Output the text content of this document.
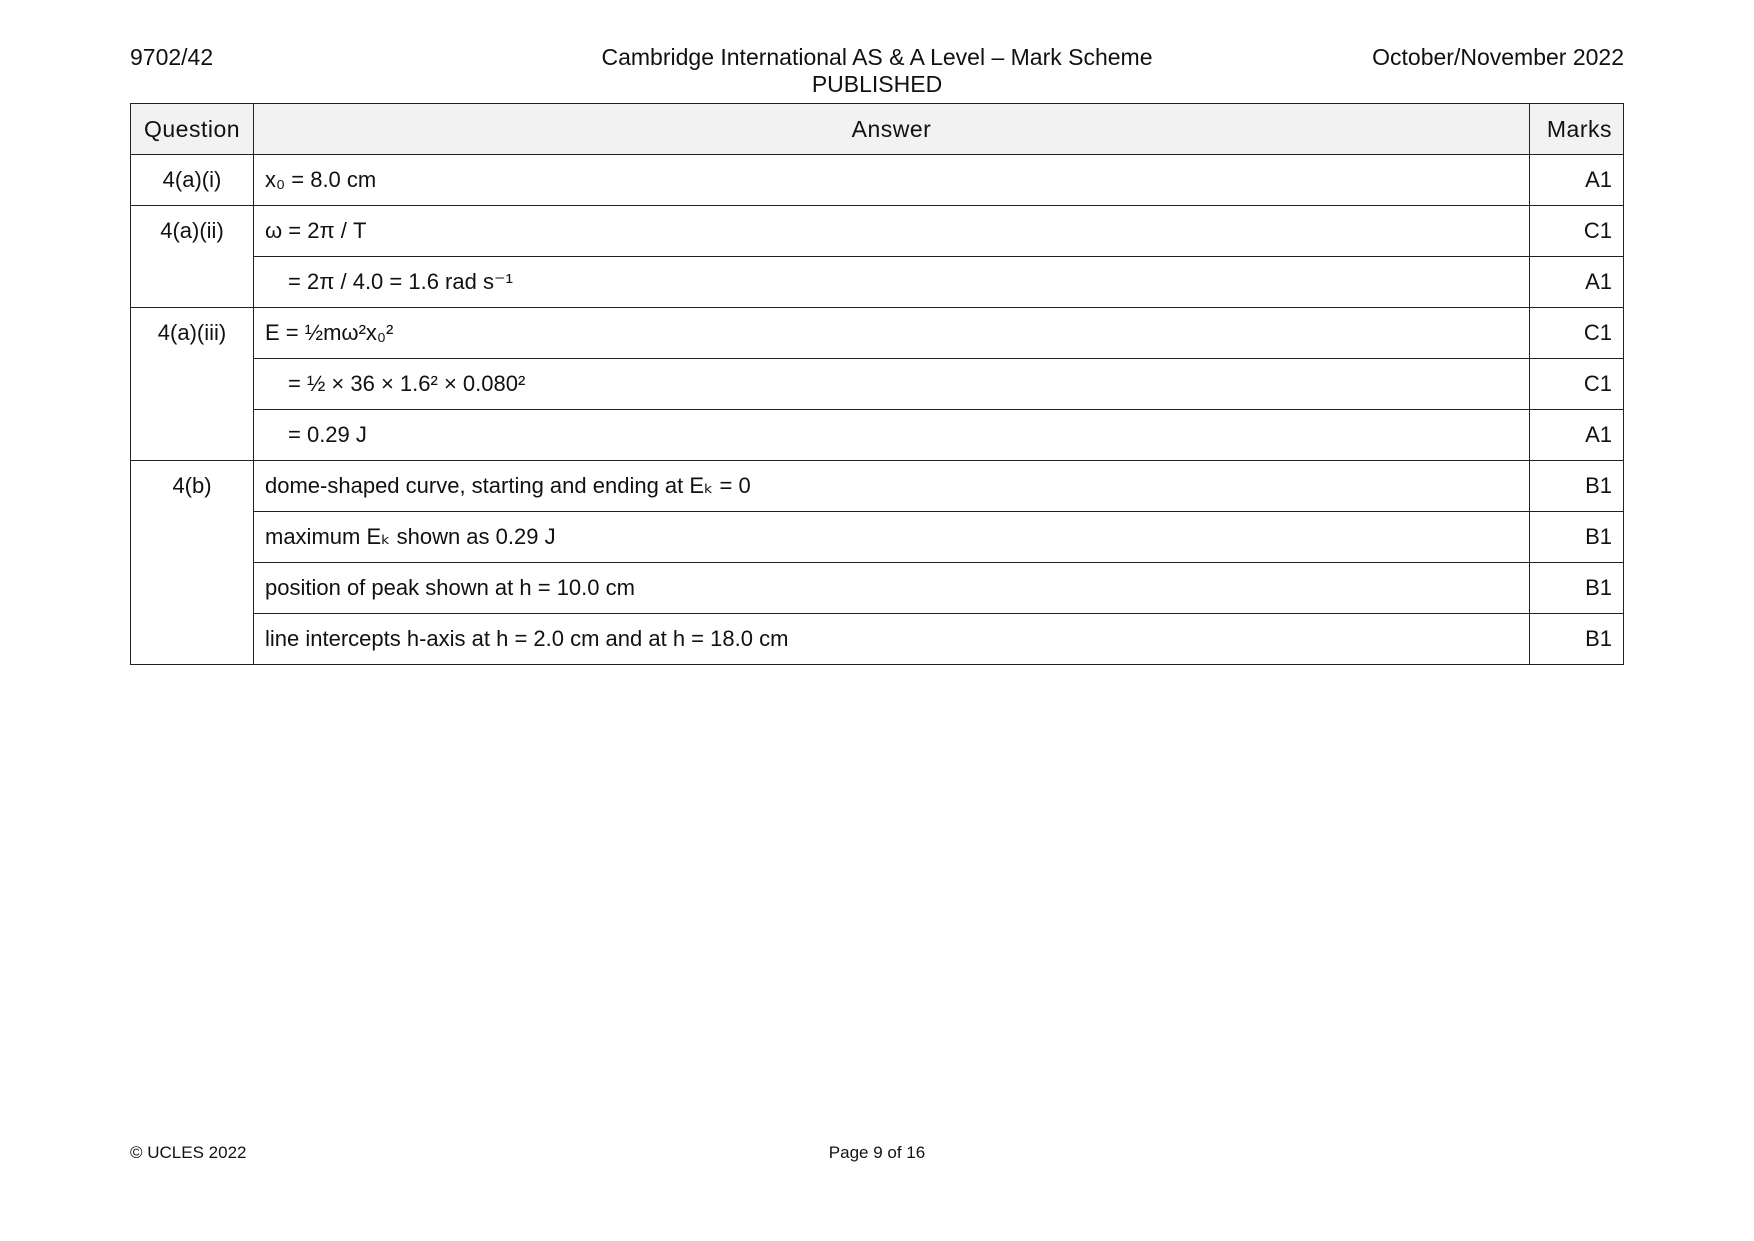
9702/42	Cambridge International AS & A Level – Mark Scheme
PUBLISHED
October/November 2022
Question	Answer	Marks
4(a)(i)	x₀ = 8.0 cm	A1
4(a)(ii)	ω = 2π / T	C1
	= 2π / 4.0 = 1.6 rad s⁻¹	A1
4(a)(iii)	E = ½mω²x₀²	C1
	= ½ × 36 × 1.6² × 0.080²	C1
	= 0.29 J	A1
4(b)	dome-shaped curve, starting and ending at Eₖ = 0	B1
	maximum Eₖ shown as 0.29 J	B1
	position of peak shown at h = 10.0 cm	B1
	line intercepts h-axis at h = 2.0 cm and at h = 18.0 cm	B1
© UCLES 2022	Page 9 of 16
